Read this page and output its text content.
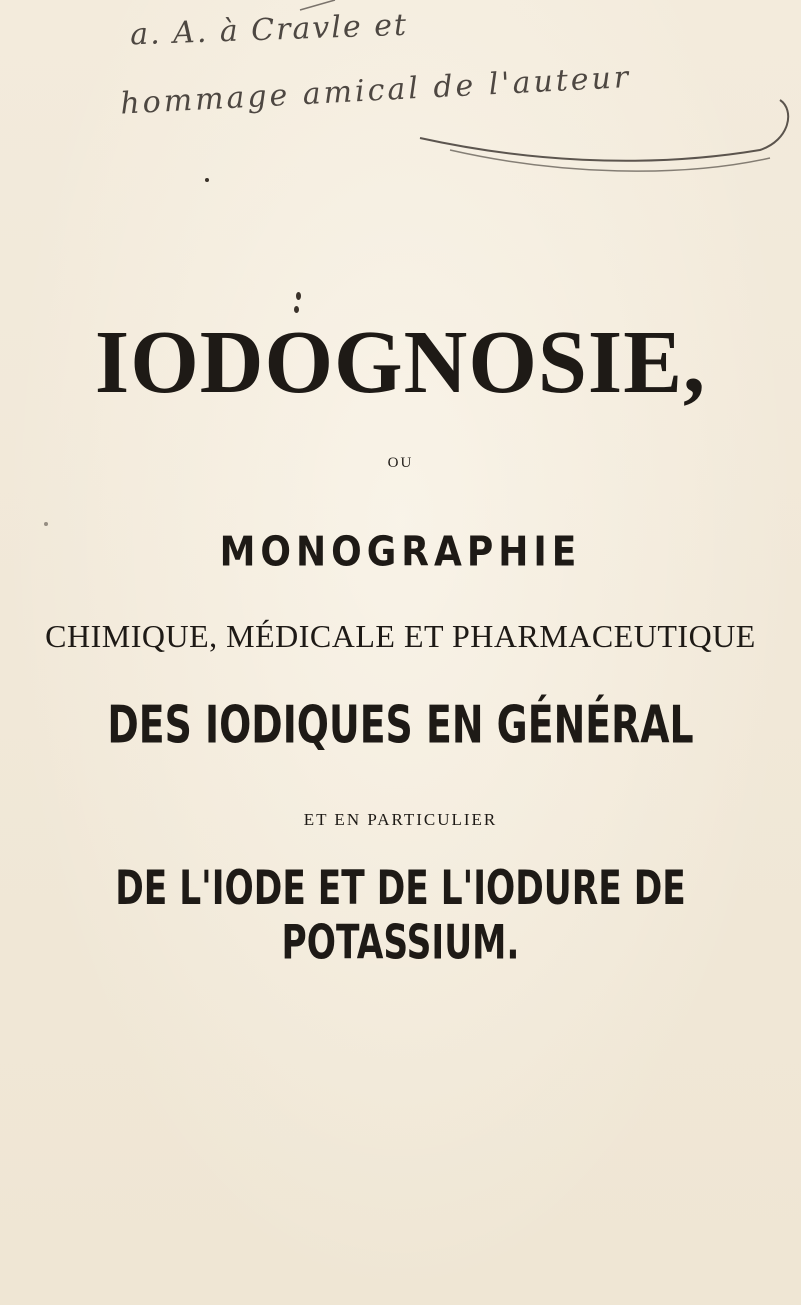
a. A. à Cravle et
hommage amical de l'auteur
IODOGNOSIE,
OU
MONOGRAPHIE
CHIMIQUE, MÉDICALE ET PHARMACEUTIQUE
DES IODIQUES EN GÉNÉRAL
ET EN PARTICULIER
DE L'IODE ET DE L'IODURE DE POTASSIUM.
